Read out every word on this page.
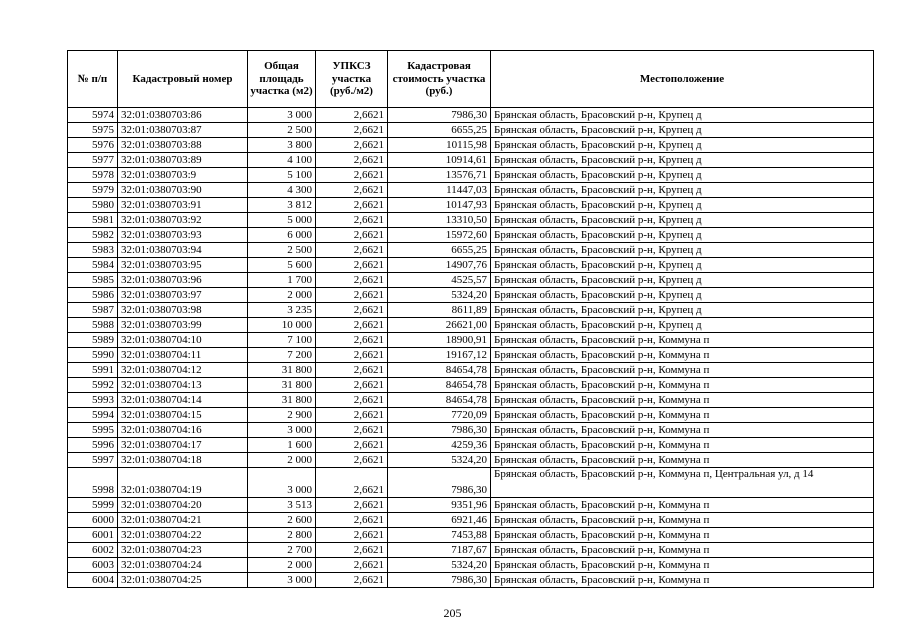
№ п/п	Кадастровый номер	Общая площадь участка (м2)	УПКСЗ участка (руб./м2)	Кадастровая стоимость участка (руб.)	Местоположение
5974	32:01:0380703:86	3 000	2,6621	7986,30	Брянская область, Брасовский р-н, Крупец д
5975	32:01:0380703:87	2 500	2,6621	6655,25	Брянская область, Брасовский р-н, Крупец д
5976	32:01:0380703:88	3 800	2,6621	10115,98	Брянская область, Брасовский р-н, Крупец д
5977	32:01:0380703:89	4 100	2,6621	10914,61	Брянская область, Брасовский р-н, Крупец д
5978	32:01:0380703:9	5 100	2,6621	13576,71	Брянская область, Брасовский р-н, Крупец д
5979	32:01:0380703:90	4 300	2,6621	11447,03	Брянская область, Брасовский р-н, Крупец д
5980	32:01:0380703:91	3 812	2,6621	10147,93	Брянская область, Брасовский р-н, Крупец д
5981	32:01:0380703:92	5 000	2,6621	13310,50	Брянская область, Брасовский р-н, Крупец д
5982	32:01:0380703:93	6 000	2,6621	15972,60	Брянская область, Брасовский р-н, Крупец д
5983	32:01:0380703:94	2 500	2,6621	6655,25	Брянская область, Брасовский р-н, Крупец д
5984	32:01:0380703:95	5 600	2,6621	14907,76	Брянская область, Брасовский р-н, Крупец д
5985	32:01:0380703:96	1 700	2,6621	4525,57	Брянская область, Брасовский р-н, Крупец д
5986	32:01:0380703:97	2 000	2,6621	5324,20	Брянская область, Брасовский р-н, Крупец д
5987	32:01:0380703:98	3 235	2,6621	8611,89	Брянская область, Брасовский р-н, Крупец д
5988	32:01:0380703:99	10 000	2,6621	26621,00	Брянская область, Брасовский р-н, Крупец д
5989	32:01:0380704:10	7 100	2,6621	18900,91	Брянская область, Брасовский р-н, Коммуна п
5990	32:01:0380704:11	7 200	2,6621	19167,12	Брянская область, Брасовский р-н, Коммуна п
5991	32:01:0380704:12	31 800	2,6621	84654,78	Брянская область, Брасовский р-н, Коммуна п
5992	32:01:0380704:13	31 800	2,6621	84654,78	Брянская область, Брасовский р-н, Коммуна п
5993	32:01:0380704:14	31 800	2,6621	84654,78	Брянская область, Брасовский р-н, Коммуна п
5994	32:01:0380704:15	2 900	2,6621	7720,09	Брянская область, Брасовский р-н, Коммуна п
5995	32:01:0380704:16	3 000	2,6621	7986,30	Брянская область, Брасовский р-н, Коммуна п
5996	32:01:0380704:17	1 600	2,6621	4259,36	Брянская область, Брасовский р-н, Коммуна п
5997	32:01:0380704:18	2 000	2,6621	5324,20	Брянская область, Брасовский р-н, Коммуна п
5998	32:01:0380704:19	3 000	2,6621	7986,30	Брянская область, Брасовский р-н, Коммуна п, Центральная ул, д 14
5999	32:01:0380704:20	3 513	2,6621	9351,96	Брянская область, Брасовский р-н, Коммуна п
6000	32:01:0380704:21	2 600	2,6621	6921,46	Брянская область, Брасовский р-н, Коммуна п
6001	32:01:0380704:22	2 800	2,6621	7453,88	Брянская область, Брасовский р-н, Коммуна п
6002	32:01:0380704:23	2 700	2,6621	7187,67	Брянская область, Брасовский р-н, Коммуна п
6003	32:01:0380704:24	2 000	2,6621	5324,20	Брянская область, Брасовский р-н, Коммуна п
6004	32:01:0380704:25	3 000	2,6621	7986,30	Брянская область, Брасовский р-н, Коммуна п
205
